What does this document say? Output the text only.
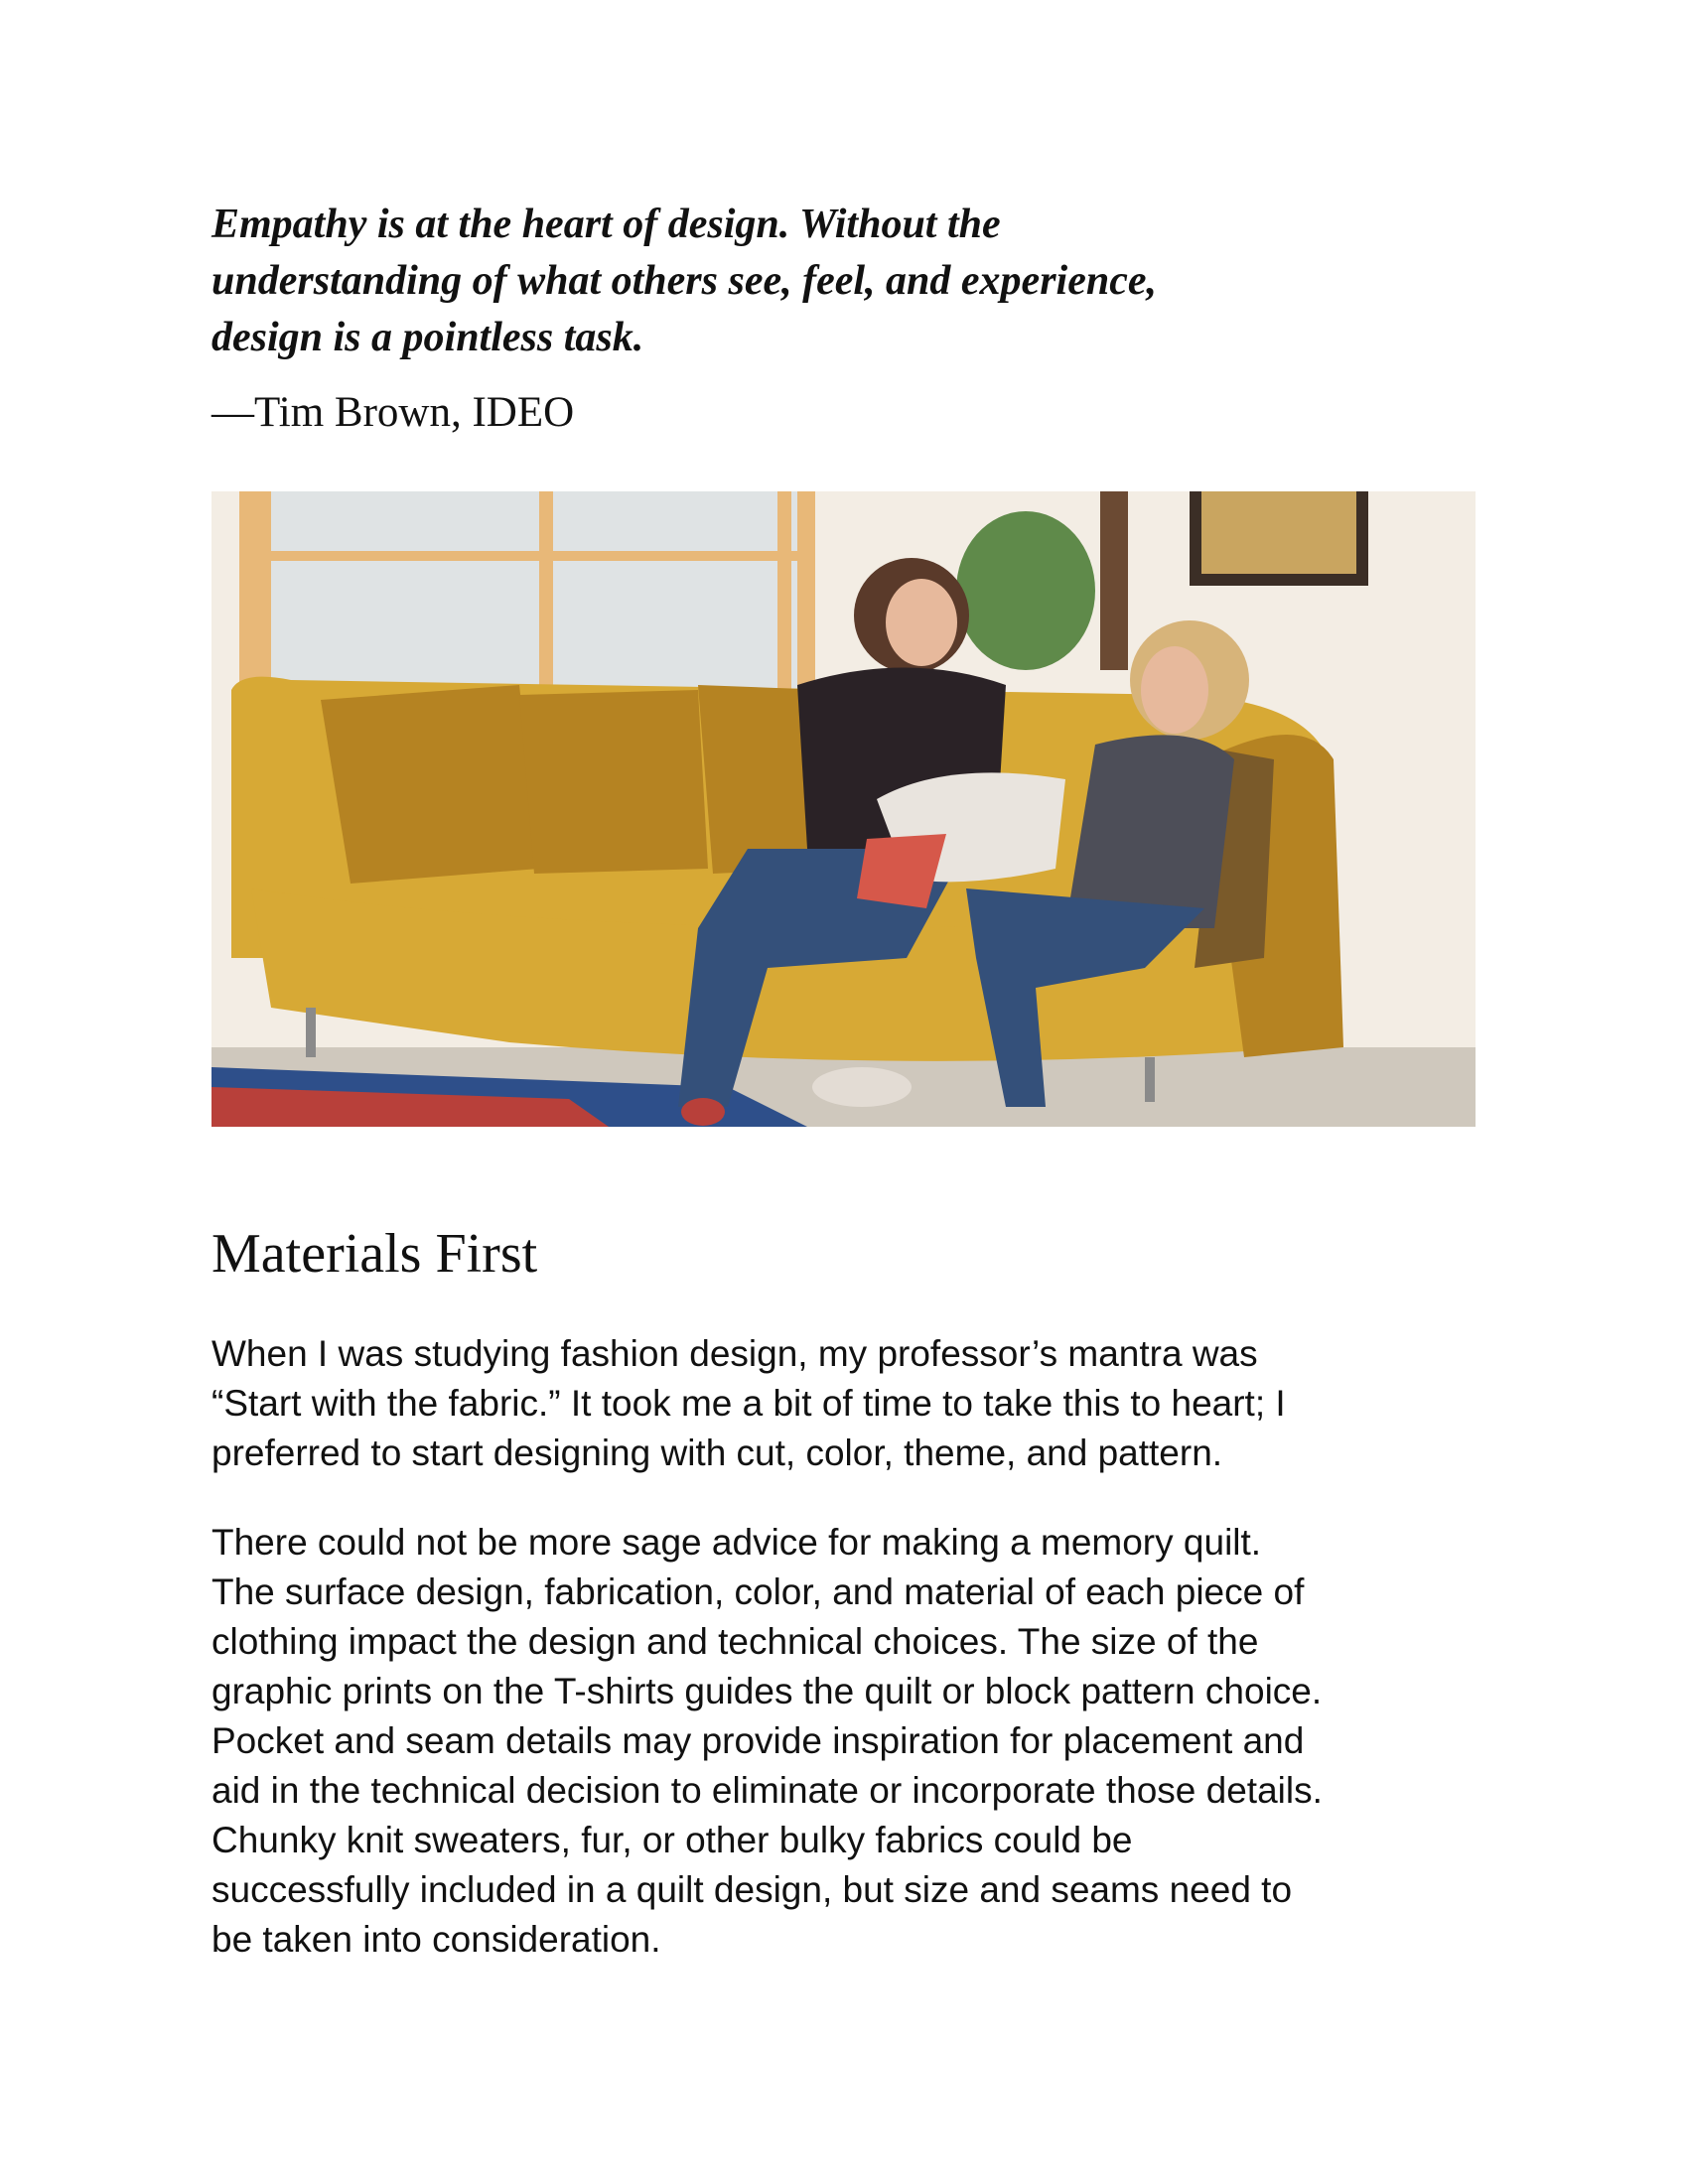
Empathy is at the heart of design. Without the
understanding of what others see, feel, and experience,
design is a pointless task.

—Tim Brown, IDEO

Materials First

When I was studying fashion design, my professor’s mantra was
“Start with the fabric.” It took me a bit of time to take this to heart; I
preferred to start designing with cut, color, theme, and pattern.

There could not be more sage advice for making a memory quilt.
The surface design, fabrication, color, and material of each piece of
clothing impact the design and technical choices. The size of the
graphic prints on the T-shirts guides the quilt or block pattern choice.
Pocket and seam details may provide inspiration for placement and
aid in the technical decision to eliminate or incorporate those details.
Chunky knit sweaters, fur, or other bulky fabrics could be
successfully included in a quilt design, but size and seams need to
be taken into consideration.
